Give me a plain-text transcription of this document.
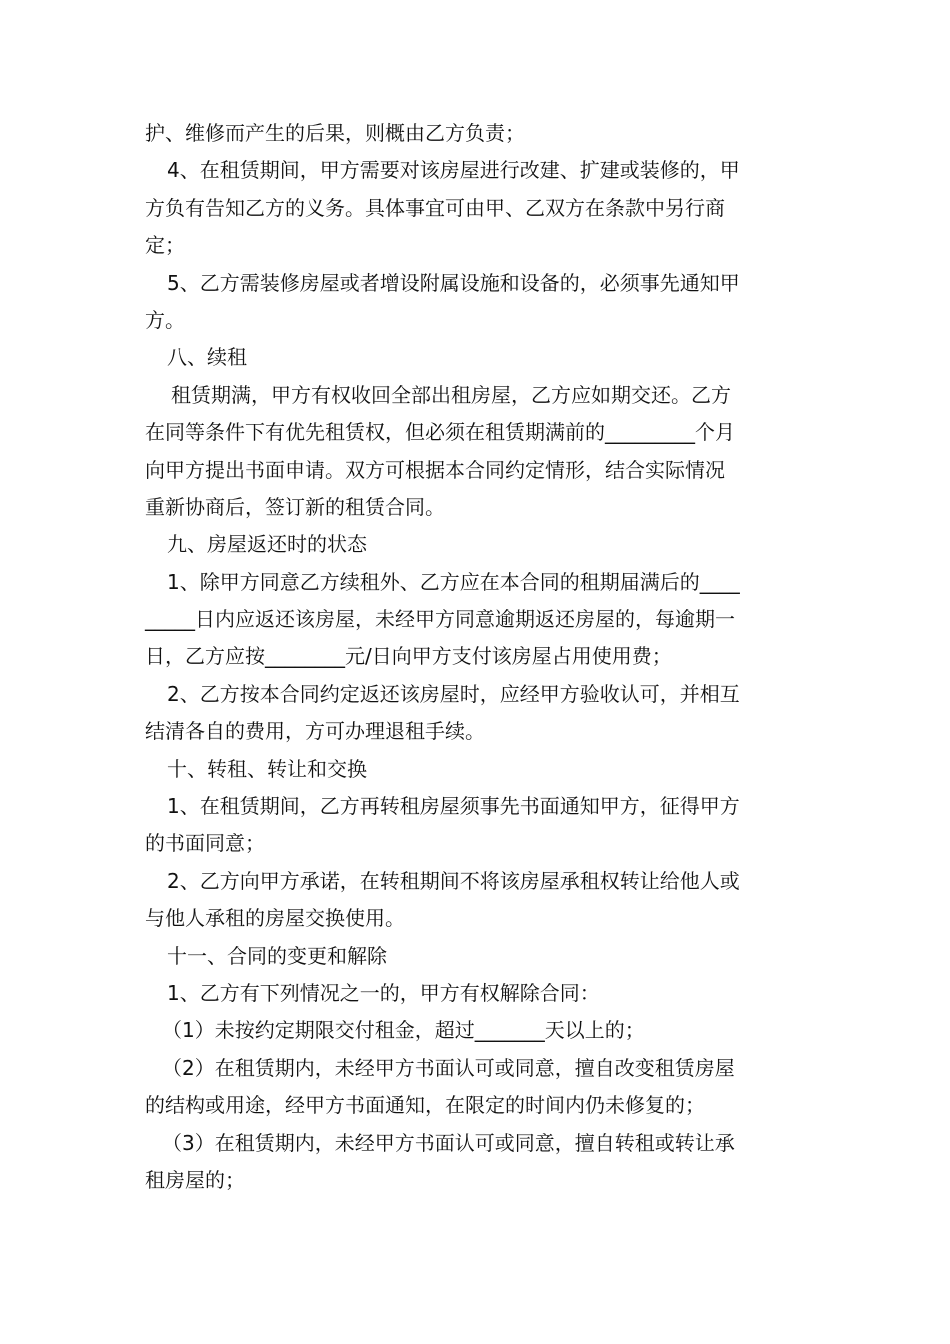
护、维修而产生的后果，则概由乙方负责；
4、在租赁期间，甲方需要对该房屋进行改建、扩建或装修的，甲
方负有告知乙方的义务。具体事宜可由甲、乙双方在条款中另行商
定；
5、乙方需装修房屋或者增设附属设施和设备的，必须事先通知甲
方。
八、续租
租赁期满，甲方有权收回全部出租房屋，乙方应如期交还。乙方
在同等条件下有优先租赁权，但必须在租赁期满前的_________个月
向甲方提出书面申请。双方可根据本合同约定情形，结合实际情况
重新协商后，签订新的租赁合同。
九、房屋返还时的状态
1、除甲方同意乙方续租外、乙方应在本合同的租期届满后的____
_____日内应返还该房屋，未经甲方同意逾期返还房屋的，每逾期一
日，乙方应按________元/日向甲方支付该房屋占用使用费；
2、乙方按本合同约定返还该房屋时，应经甲方验收认可，并相互
结清各自的费用，方可办理退租手续。
十、转租、转让和交换
1、在租赁期间，乙方再转租房屋须事先书面通知甲方，征得甲方
的书面同意；
2、乙方向甲方承诺，在转租期间不将该房屋承租权转让给他人或
与他人承租的房屋交换使用。
十一、合同的变更和解除
1、乙方有下列情况之一的，甲方有权解除合同：
（1）未按约定期限交付租金，超过_______天以上的；
（2）在租赁期内，未经甲方书面认可或同意，擅自改变租赁房屋
的结构或用途，经甲方书面通知，在限定的时间内仍未修复的；
（3）在租赁期内，未经甲方书面认可或同意，擅自转租或转让承
租房屋的；
